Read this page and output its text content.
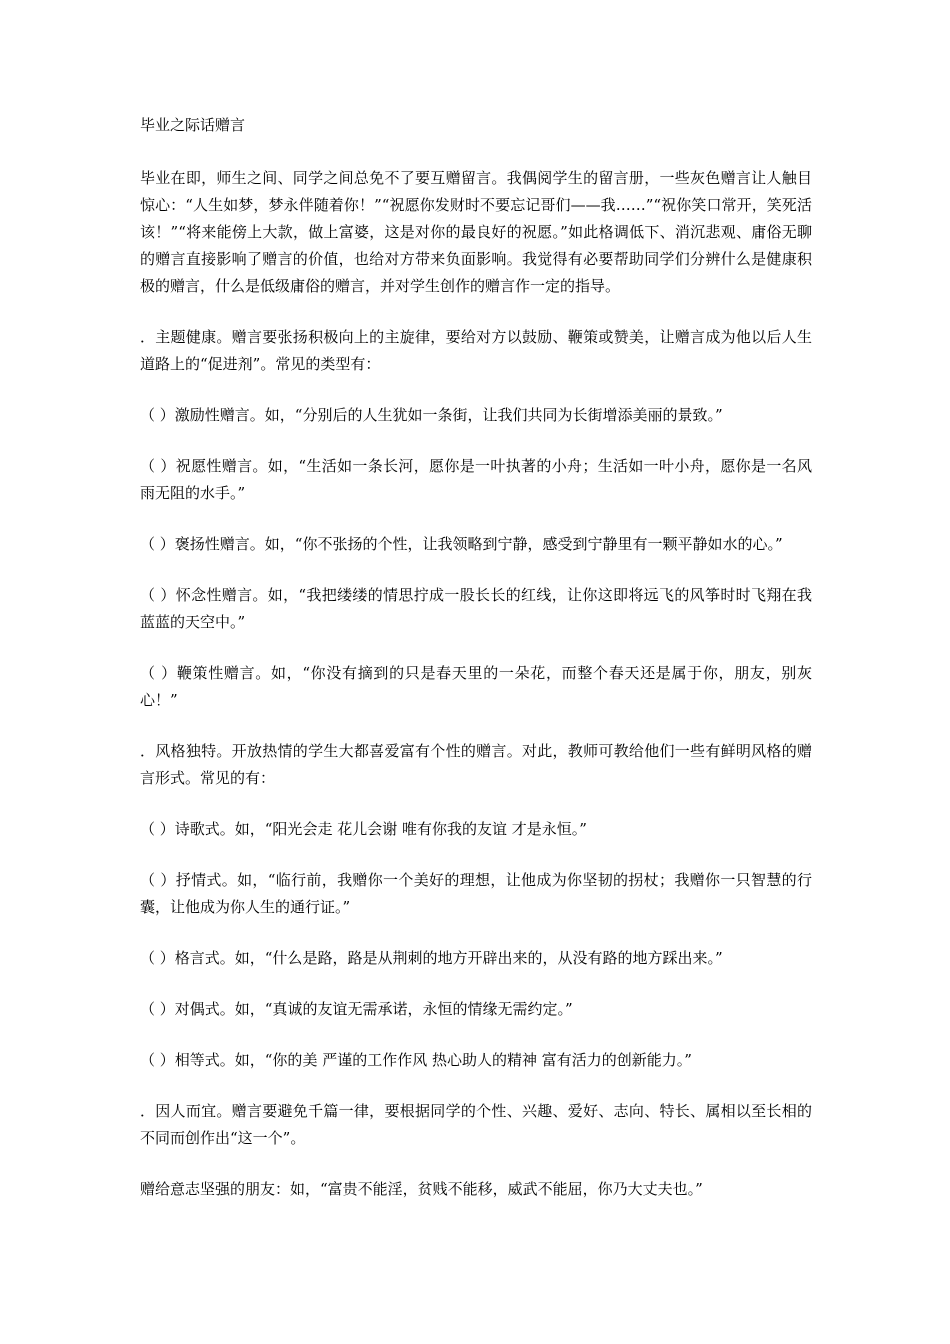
毕业之际话赠言
毕业在即，师生之间、同学之间总免不了要互赠留言。我偶阅学生的留言册，一些灰色赠言让人触目惊心：“人生如梦，梦永伴随着你！”“祝愿你发财时不要忘记哥们——我……”“祝你笑口常开，笑死活该！”“将来能傍上大款，做上富婆，这是对你的最良好的祝愿。”如此格调低下、消沉悲观、庸俗无聊的赠言直接影响了赠言的价值，也给对方带来负面影响。我觉得有必要帮助同学们分辨什么是健康积极的赠言，什么是低级庸俗的赠言，并对学生创作的赠言作一定的指导。
．主题健康。赠言要张扬积极向上的主旋律，要给对方以鼓励、鞭策或赞美，让赠言成为他以后人生道路上的“促进剂”。常见的类型有：
（ ）激励性赠言。如，“分别后的人生犹如一条街，让我们共同为长街增添美丽的景致。”
（ ）祝愿性赠言。如，“生活如一条长河，愿你是一叶执著的小舟；生活如一叶小舟，愿你是一名风雨无阻的水手。”
（ ）褒扬性赠言。如，“你不张扬的个性，让我领略到宁静，感受到宁静里有一颗平静如水的心。”
（ ）怀念性赠言。如，“我把缕缕的情思拧成一股长长的红线，让你这即将远飞的风筝时时飞翔在我蓝蓝的天空中。”
（ ）鞭策性赠言。如，“你没有摘到的只是春天里的一朵花，而整个春天还是属于你，朋友，别灰心！”
．风格独特。开放热情的学生大都喜爱富有个性的赠言。对此，教师可教给他们一些有鲜明风格的赠言形式。常见的有：
（ ）诗歌式。如，“阳光会走 花儿会谢 唯有你我的友谊 才是永恒。”
（ ）抒情式。如，“临行前，我赠你一个美好的理想，让他成为你坚韧的拐杖；我赠你一只智慧的行囊，让他成为你人生的通行证。”
（ ）格言式。如，“什么是路，路是从荆刺的地方开辟出来的，从没有路的地方踩出来。”
（ ）对偶式。如，“真诚的友谊无需承诺，永恒的情缘无需约定。”
（ ）相等式。如，“你的美 严谨的工作作风 热心助人的精神 富有活力的创新能力。”
．因人而宜。赠言要避免千篇一律，要根据同学的个性、兴趣、爱好、志向、特长、属相以至长相的不同而创作出“这一个”。
赠给意志坚强的朋友：如，“富贵不能淫，贫贱不能移，威武不能屈，你乃大丈夫也。”
